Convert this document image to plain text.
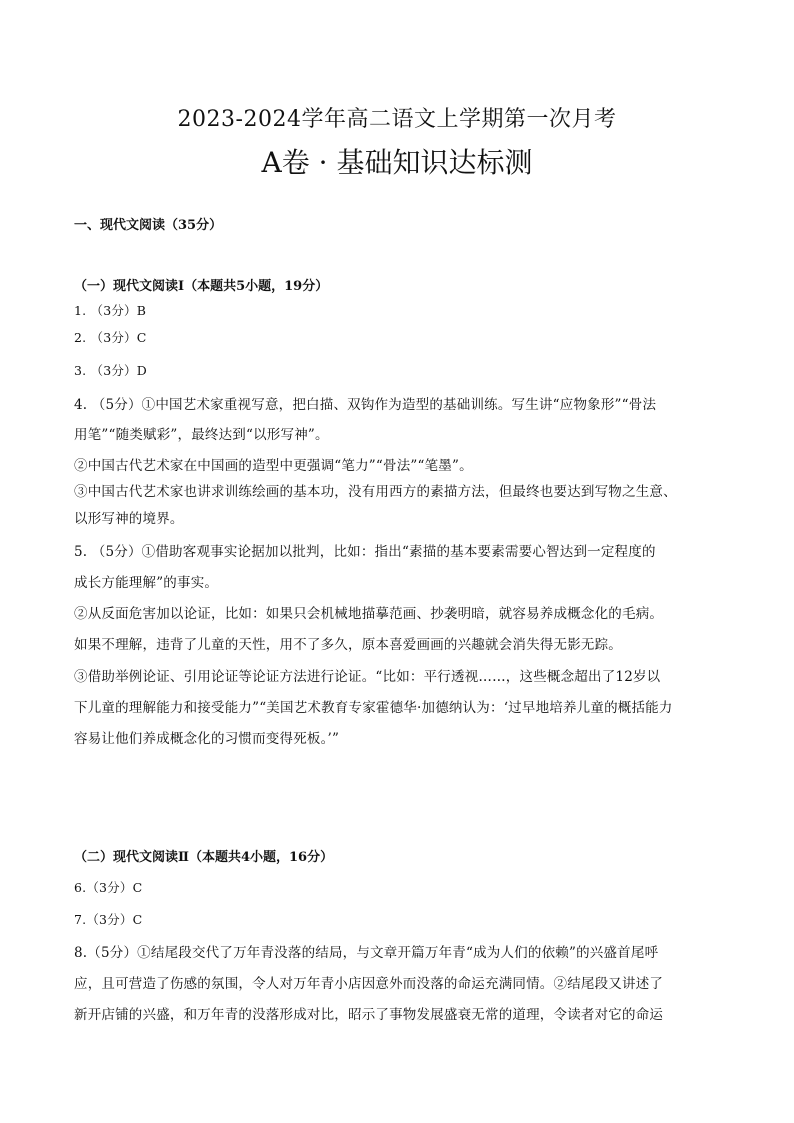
2023-2024学年高二语文上学期第一次月考
A卷 · 基础知识达标测
一、现代文阅读（35分）
（一）现代文阅读Ⅰ（本题共5小题，19分）
1. （3分）B
2. （3分）C
3. （3分）D
4. （5分）①中国艺术家重视写意，把白描、双钩作为造型的基础训练。写生讲“应物象形”“骨法
用笔”“随类赋彩”，最终达到“以形写神”。
②中国古代艺术家在中国画的造型中更强调“笔力”“骨法”“笔墨”。
③中国古代艺术家也讲求训练绘画的基本功，没有用西方的素描方法，但最终也要达到写物之生意、
以形写神的境界。
5. （5分）①借助客观事实论据加以批判，比如：指出“素描的基本要素需要心智达到一定程度的
成长方能理解”的事实。
②从反面危害加以论证，比如：如果只会机械地描摹范画、抄袭明暗，就容易养成概念化的毛病。
如果不理解，违背了儿童的天性，用不了多久，原本喜爱画画的兴趣就会消失得无影无踪。
③借助举例论证、引用论证等论证方法进行论证。“比如：平行透视……，这些概念超出了12岁以
下儿童的理解能力和接受能力”“美国艺术教育专家霍德华·加德纳认为：‘过早地培养儿童的概括能力
容易让他们养成概念化的习惯而变得死板。’”
（二）现代文阅读Ⅱ（本题共4小题，16分）
6.（3分）C
7.（3分）C
8.（5分）①结尾段交代了万年青没落的结局，与文章开篇万年青“成为人们的依赖”的兴盛首尾呼
应，且可营造了伤感的氛围，令人对万年青小店因意外而没落的命运充满同情。②结尾段又讲述了
新开店铺的兴盛，和万年青的没落形成对比，昭示了事物发展盛衰无常的道理，令读者对它的命运
